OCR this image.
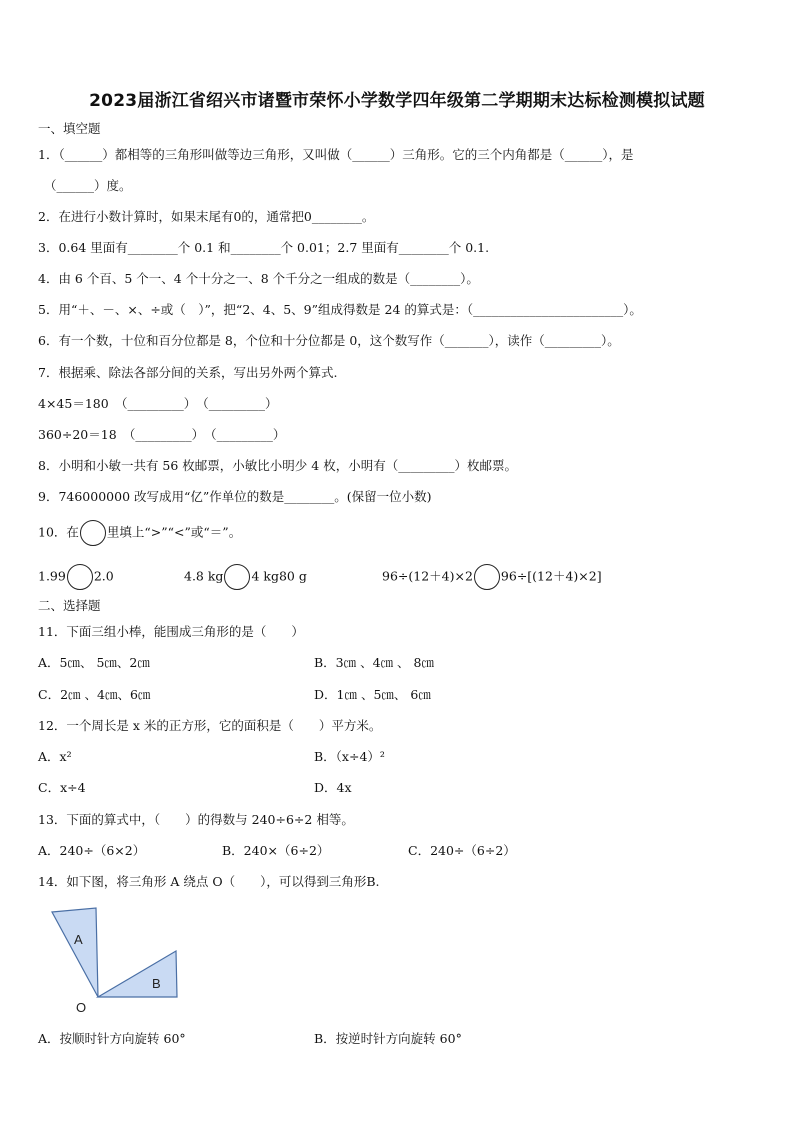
2023届浙江省绍兴市诸暨市荣怀小学数学四年级第二学期期末达标检测模拟试题
一、填空题
1．（______）都相等的三角形叫做等边三角形，又叫做（______）三角形。它的三个内角都是（______），是
（______）度。
2．在进行小数计算时，如果末尾有0的，通常把0________。
3．0.64 里面有________个 0.1 和________个 0.01；2.7 里面有________个 0.1.
4．由 6 个百、5 个一、4 个十分之一、8 个千分之一组成的数是（________）。
5．用“＋、－、×、÷或（　）”，把“2、4、5、9”组成得数是 24 的算式是：（________________________）。
6．有一个数，十位和百分位都是 8，个位和十分位都是 0，这个数写作（_______），读作（_________）。
7．根据乘、除法各部分间的关系，写出另外两个算式.
4×45＝180　（_________）　（_________）
360÷20＝18　（_________）　（_________）
8．小明和小敏一共有 56 枚邮票，小敏比小明少 4 枚，小明有（_________）枚邮票。
9．746000000 改写成用“亿”作单位的数是________。(保留一位小数)
10．在 里填上“>”“<”或“＝”。
1.99 2.0	4.8 kg 4 kg80 g	96÷(12＋4)×2 96÷[(12＋4)×2]
二、选择题
11．下面三组小棒，能围成三角形的是（　　）
A．5㎝、 5㎝、2㎝	B．3㎝ 、4㎝ 、 8㎝
C．2㎝ 、4㎝、6㎝	D．1㎝ 、5㎝、 6㎝
12．一个周长是 x 米的正方形，它的面积是（　　）平方米。
A．x²	B．（x÷4）²
C．x÷4	D．4x
13．下面的算式中，（　　）的得数与 240÷6÷2 相等。
A．240÷（6×2）	B．240×（6÷2）	C．240÷（6÷2）
14．如下图，将三角形 A 绕点 O（　　），可以得到三角形B.
A
B
O
A．按顺时针方向旋转 60°	B．按逆时针方向旋转 60°
